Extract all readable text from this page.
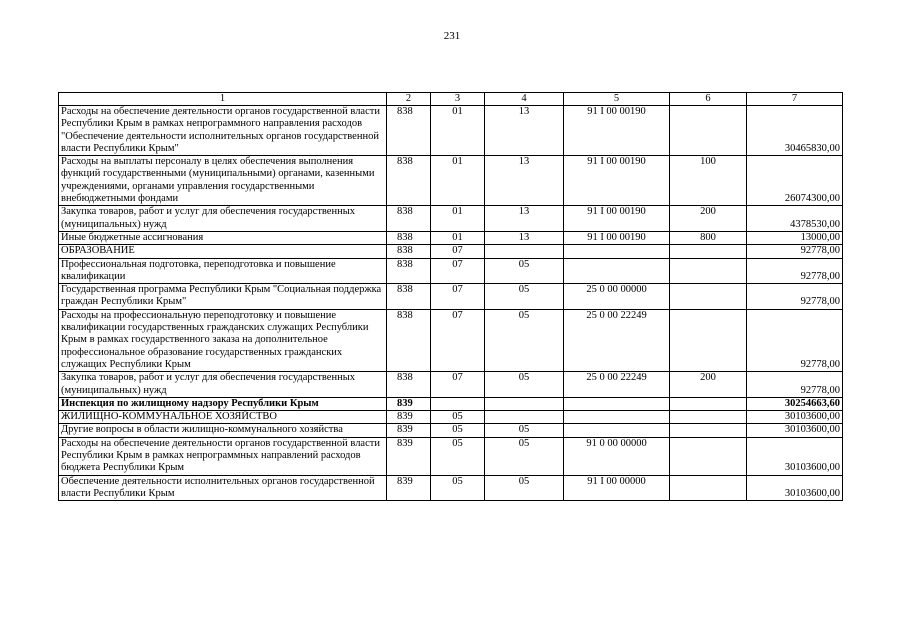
231
1	2	3	4	5	6	7
Расходы на обеспечение деятельности органов государственной власти Республики Крым в рамках непрограммного направления расходов "Обеспечение деятельности исполнительных органов государственной власти Республики Крым"	838	01	13	91 I 00 00190		30465830,00
Расходы на выплаты персоналу в целях обеспечения выполнения функций государственными (муниципальными) органами, казенными учреждениями, органами управления государственными внебюджетными фондами	838	01	13	91 I 00 00190	100	26074300,00
Закупка товаров, работ и услуг для обеспечения государственных (муниципальных) нужд	838	01	13	91 I 00 00190	200	4378530,00
Иные бюджетные ассигнования	838	01	13	91 I 00 00190	800	13000,00
ОБРАЗОВАНИЕ	838	07				92778,00
Профессиональная подготовка, переподготовка и повышение квалификации	838	07	05			92778,00
Государственная программа Республики Крым "Социальная поддержка граждан Республики Крым"	838	07	05	25 0 00 00000		92778,00
Расходы на профессиональную переподготовку и повышение квалификации государственных гражданских служащих Республики Крым в рамках государственного заказа на дополнительное профессиональное образование государственных гражданских служащих Республики Крым	838	07	05	25 0 00 22249		92778,00
Закупка товаров, работ и услуг для обеспечения государственных (муниципальных) нужд	838	07	05	25 0 00 22249	200	92778,00
Инспекция по жилищному надзору Республики Крым	839					30254663,60
ЖИЛИЩНО-КОММУНАЛЬНОЕ ХОЗЯЙСТВО	839	05				30103600,00
Другие вопросы в области жилищно-коммунального хозяйства	839	05	05			30103600,00
Расходы на обеспечение деятельности органов государственной власти Республики Крым в рамках непрограммных направлений расходов бюджета Республики Крым	839	05	05	91 0 00 00000		30103600,00
Обеспечение деятельности исполнительных органов государственной власти Республики Крым	839	05	05	91 I 00 00000		30103600,00
